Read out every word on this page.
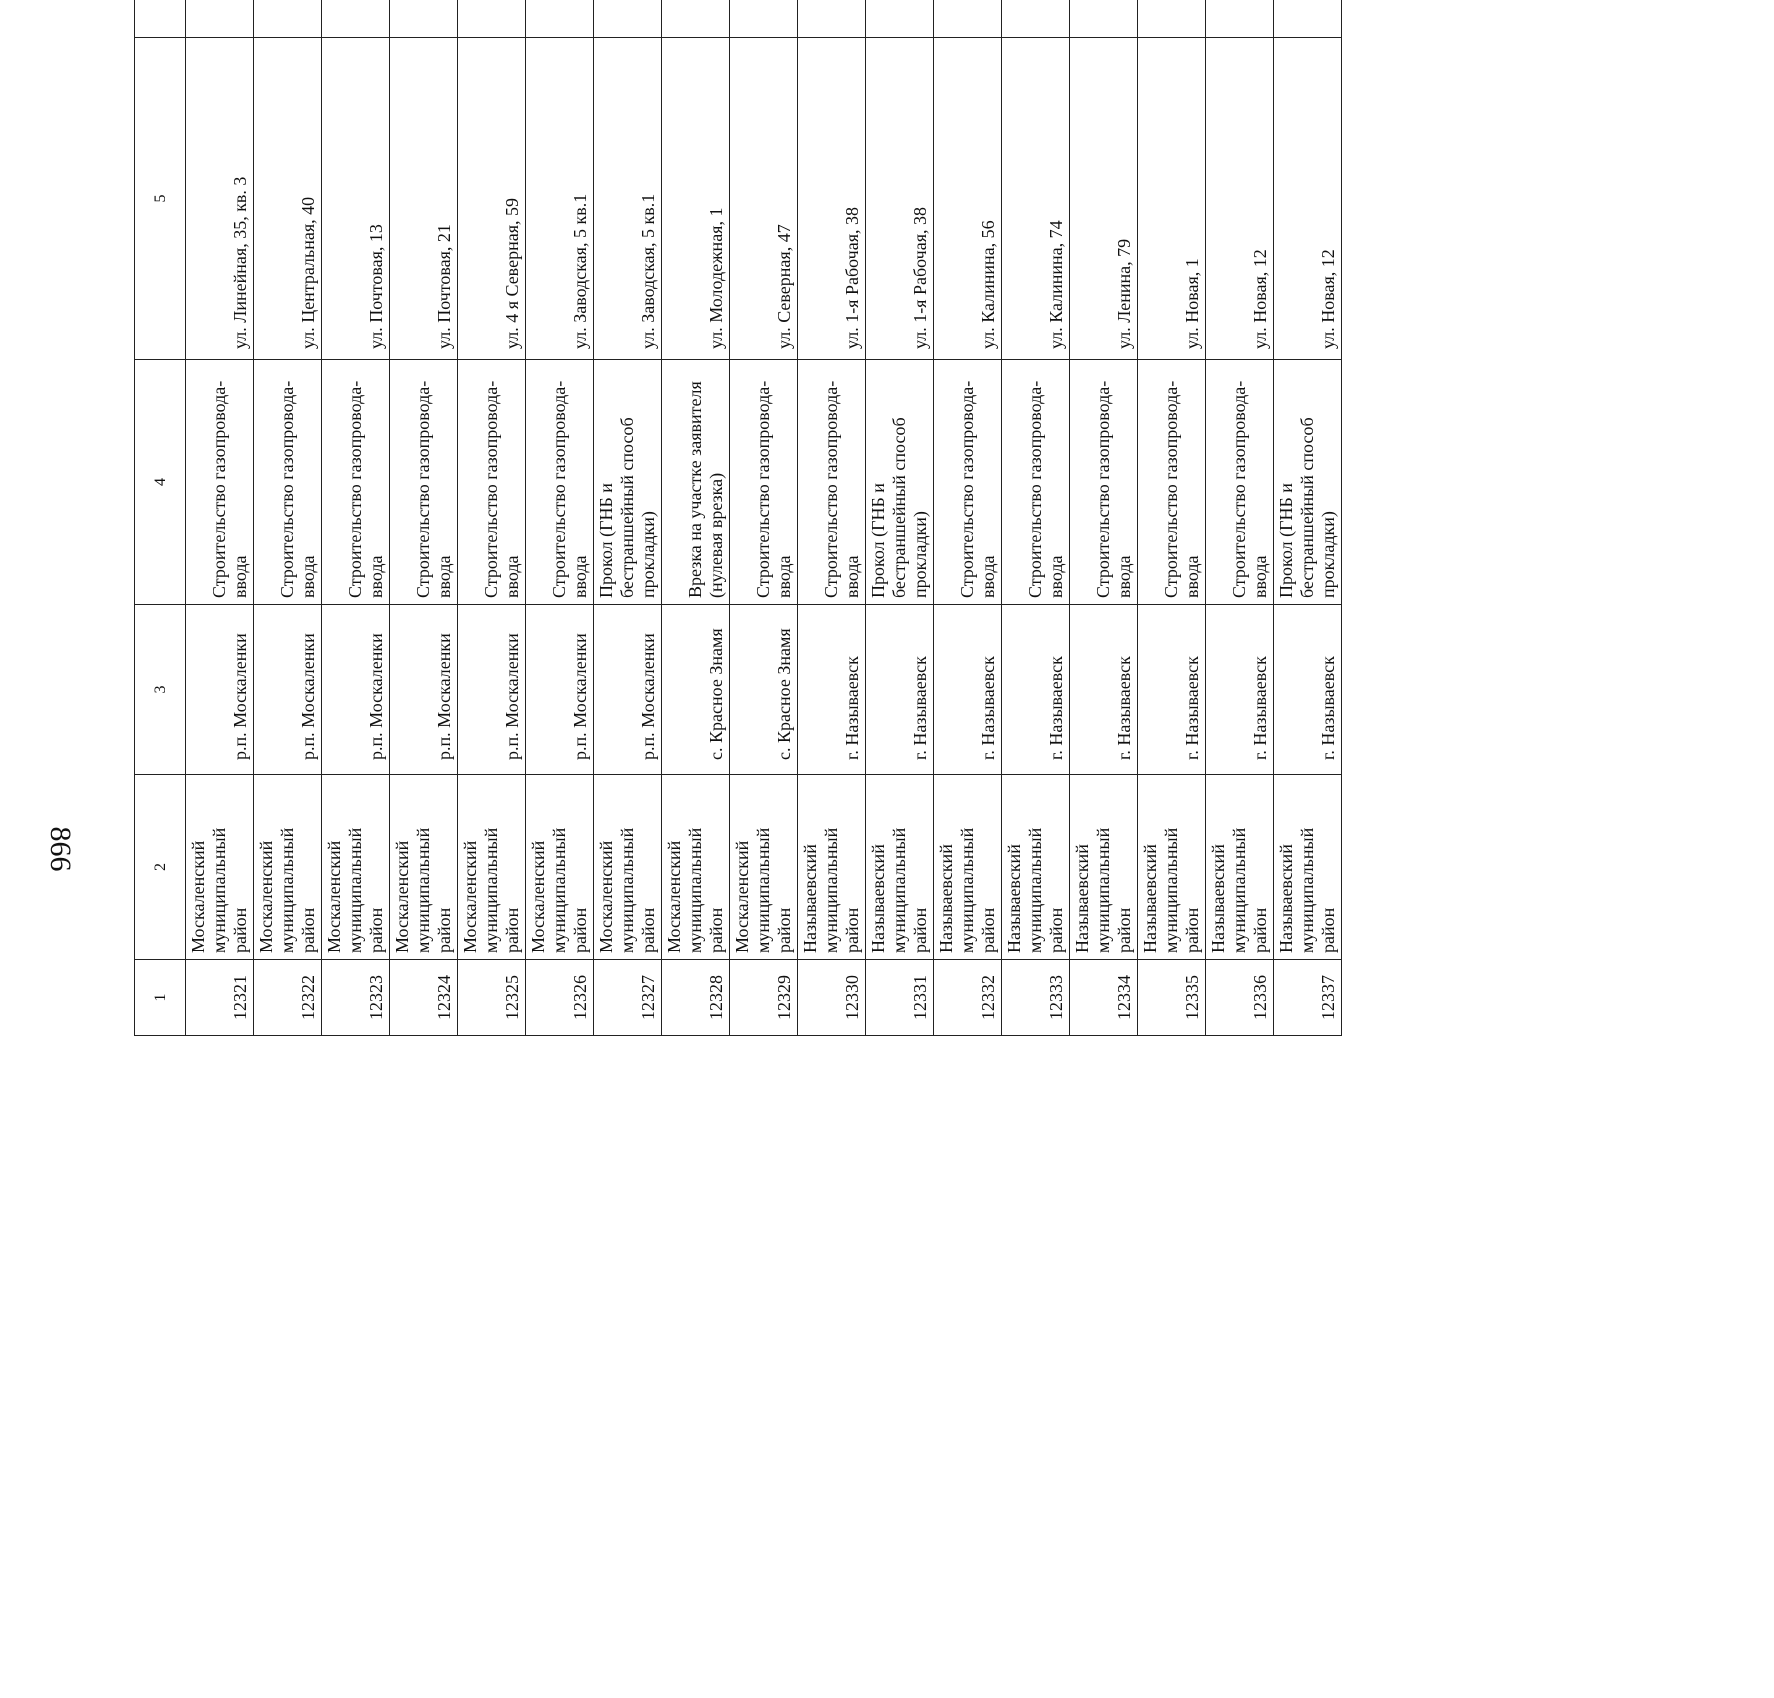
866
1	2	3	4	5			
12321	Москаленский муниципальный район	р.п. Москаленки	Строительство газопровода-ввода	ул. Линейная, 35, кв. 3			
12322	Москаленский муниципальный район	р.п. Москаленки	Строительство газопровода-ввода	ул. Центральная, 40			
12323	Москаленский муниципальный район	р.п. Москаленки	Строительство газопровода-ввода	ул. Почтовая, 13			
12324	Москаленский муниципальный район	р.п. Москаленки	Строительство газопровода-ввода	ул. Почтовая, 21			
12325	Москаленский муниципальный район	р.п. Москаленки	Строительство газопровода-ввода	ул. 4 я Северная, 59			
12326	Москаленский муниципальный район	р.п. Москаленки	Строительство газопровода-ввода	ул. Заводская, 5 кв.1			
12327	Москаленский муниципальный район	р.п. Москаленки	Прокол (ГНБ и бестраншейный способ прокладки)	ул. Заводская, 5 кв.1			
12328	Москаленский муниципальный район	с. Красное Знамя	Врезка на участке заявителя (нулевая врезка)	ул. Молодежная, 1			
12329	Москаленский муниципальный район	с. Красное Знамя	Строительство газопровода-ввода	ул. Северная, 47			
12330	Называевский муниципальный район	г. Называевск	Строительство газопровода-ввода	ул. 1-я Рабочая, 38			
12331	Называевский муниципальный район	г. Называевск	Прокол (ГНБ и бестраншейный способ прокладки)	ул. 1-я Рабочая, 38			
12332	Называевский муниципальный район	г. Называевск	Строительство газопровода-ввода	ул. Калинина, 56			
12333	Называевский муниципальный район	г. Называевск	Строительство газопровода-ввода	ул. Калинина, 74			
12334	Называевский муниципальный район	г. Называевск	Строительство газопровода-ввода	ул. Ленина, 79			
12335	Называевский муниципальный район	г. Называевск	Строительство газопровода-ввода	ул. Новая, 1			
12336	Называевский муниципальный район	г. Называевск	Строительство газопровода-ввода	ул. Новая, 12			
12337	Называевский муниципальный район	г. Называевск	Прокол (ГНБ и бестраншейный способ прокладки)	ул. Новая, 12			
